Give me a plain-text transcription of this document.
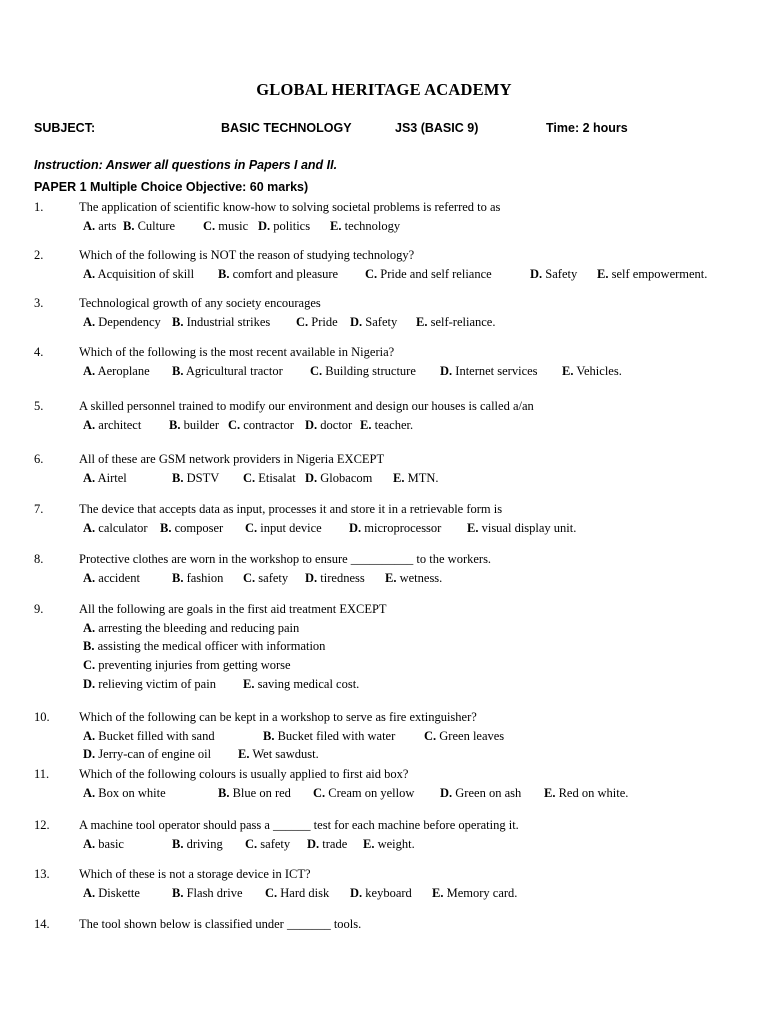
GLOBAL HERITAGE ACADEMY
SUBJECT:	BASIC TECHNOLOGY	JS3 (BASIC 9)	Time: 2 hours
Instruction: Answer all questions in Papers I and II.
PAPER 1 Multiple Choice Objective: 60 marks)
1.	The application of scientific know-how to solving societal problems is referred to as
A. arts B. Culture C. music D. politics E. technology
2.	Which of the following is NOT the reason of studying technology?
A. Acquisition of skill B. comfort and pleasure C. Pride and self reliance	D. Safety E. self empowerment.
3.	Technological growth of any society encourages
A. Dependency B. Industrial strikes C. Pride D. Safety E. self-reliance.
4.	Which of the following is the most recent available in Nigeria?
A. Aeroplane B. Agricultural tractor C. Building structure D. Internet services E. Vehicles.
5.	A skilled personnel trained to modify our environment and design our houses is called a/an
A. architect B. builder C. contractor D. doctor E. teacher.
6.	All of these are GSM network providers in Nigeria EXCEPT
A. Airtel	B. DSTV C. Etisalat D. Globacom E. MTN.
7.	The device that accepts data as input, processes it and store it in a retrievable form is
A. calculator B. composer C. input device D. microprocessor E. visual display unit.
8.	Protective clothes are worn in the workshop to ensure __________ to the workers.
A. accident	B. fashion C. safety D. tiredness E. wetness.
9.	All the following are goals in the first aid treatment EXCEPT
A. arresting the bleeding and reducing pain
B. assisting the medical officer with information
C. preventing injuries from getting worse
D. relieving victim of pain E. saving medical cost.
10. Which of the following can be kept in a workshop to serve as fire extinguisher?
A. Bucket filled with sand	B. Bucket filed with water C. Green leaves
D. Jerry-can of engine oil E. Wet sawdust.
11. Which of the following colours is usually applied to first aid box?
A. Box on white	B. Blue on red C. Cream on yellow D. Green on ash E. Red on white.
12. A machine tool operator should pass a ______ test for each machine before operating it.
A. basic	B. driving C. safety D. trade E. weight.
13. Which of these is not a storage device in ICT?
A. Diskette	B. Flash drive C. Hard disk D. keyboard E. Memory card.
14. The tool shown below is classified under _______ tools.
